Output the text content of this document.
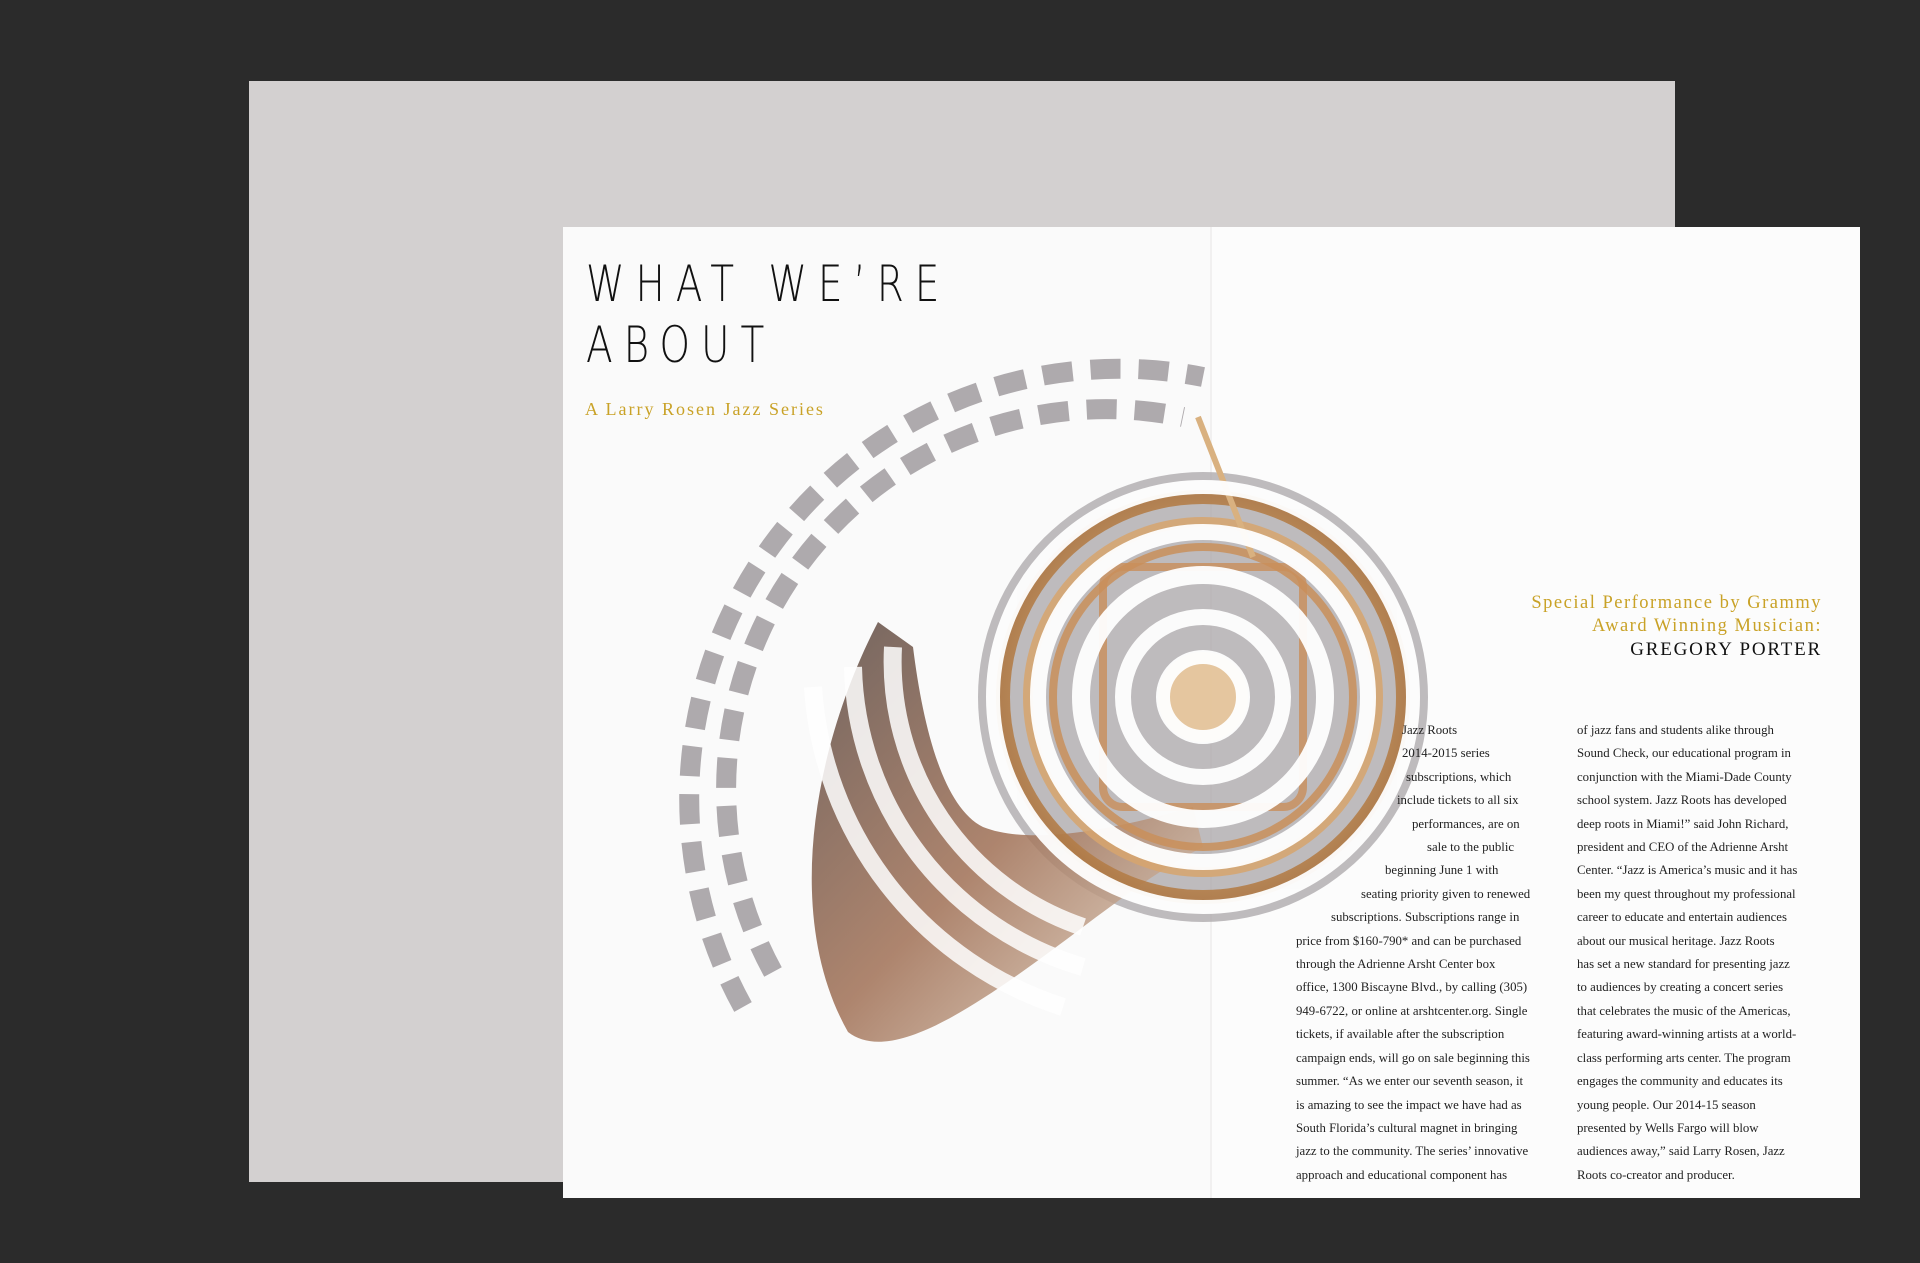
WHAT WE’RE
ABOUT
A Larry Rosen Jazz Series
Special Performance by Grammy
Award Winning Musician:
GREGORY PORTER
Jazz Roots
2014-2015 series
subscriptions, which
include tickets to all six
performances, are on
sale to the public
beginning June 1 with
seating priority given to renewed
subscriptions. Subscriptions range in
price from $160-790* and can be purchased
through the Adrienne Arsht Center box
office, 1300 Biscayne Blvd., by calling (305)
949-6722, or online at arshtcenter.org. Single
tickets, if available after the subscription
campaign ends, will go on sale beginning this
summer. “As we enter our seventh season, it
is amazing to see the impact we have had as
South Florida’s cultural magnet in bringing
jazz to the community. The series’ innovative
approach and educational component has
of jazz fans and students alike through
Sound Check, our educational program in
conjunction with the Miami-Dade County
school system. Jazz Roots has developed
deep roots in Miami!” said John Richard,
president and CEO of the Adrienne Arsht
Center. “Jazz is America’s music and it has
been my quest throughout my professional
career to educate and entertain audiences
about our musical heritage. Jazz Roots
has set a new standard for presenting jazz
to audiences by creating a concert series
that celebrates the music of the Americas,
featuring award-winning artists at a world-
class performing arts center. The program
engages the community and educates its
young people. Our 2014-15 season
presented by Wells Fargo will blow
audiences away,” said Larry Rosen, Jazz
Roots co-creator and producer.
